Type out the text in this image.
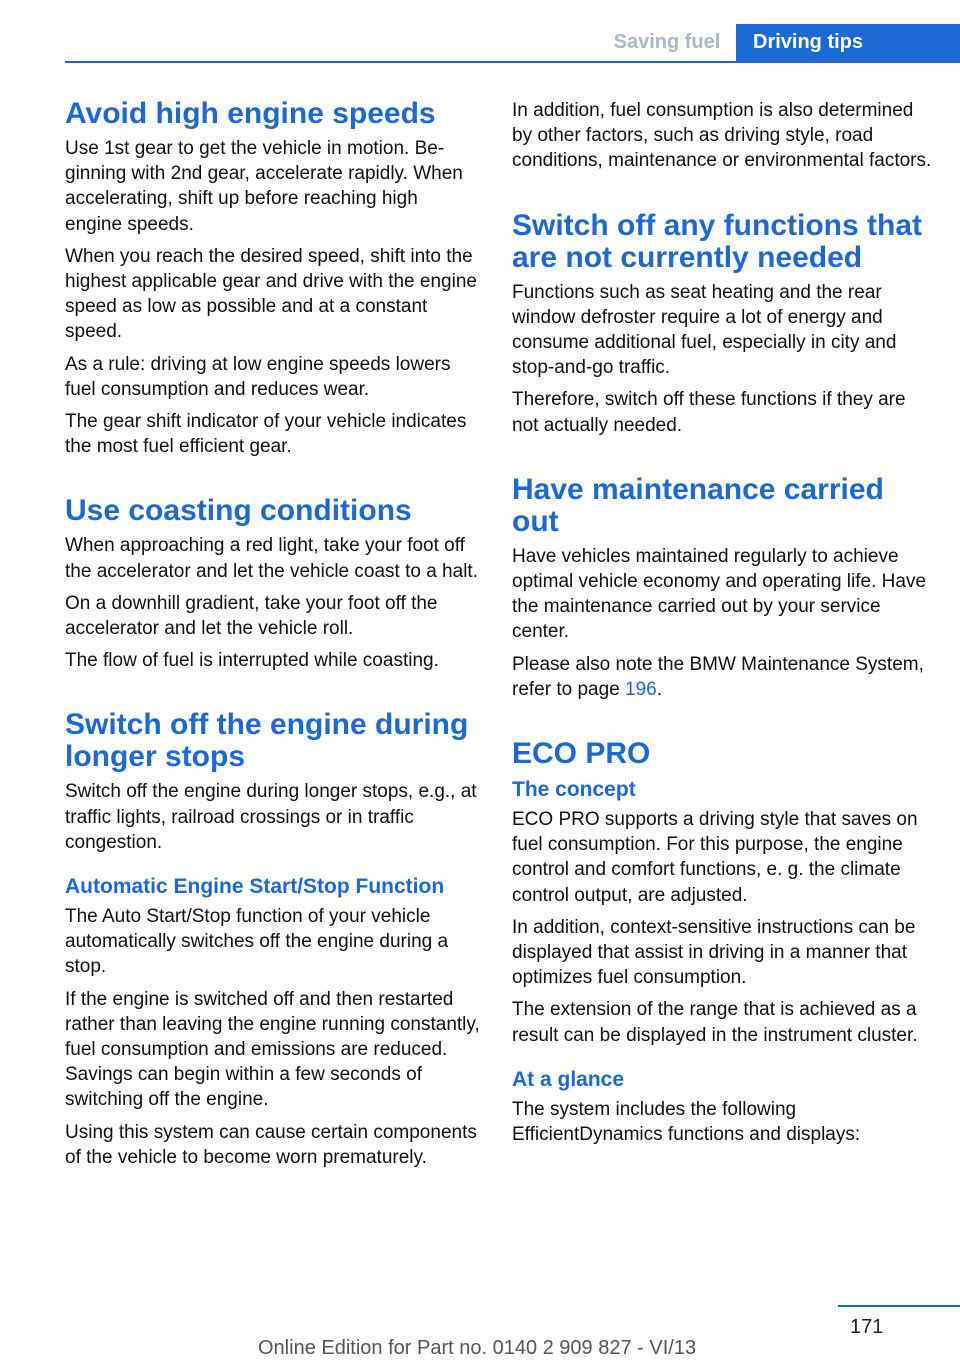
Saving fuel	Driving tips
Avoid high engine speeds

Use 1st gear to get the vehicle in motion. Beginning with 2nd gear, accelerate rapidly. When accelerating, shift up before reaching high engine speeds.

When you reach the desired speed, shift into the highest applicable gear and drive with the engine speed as low as possible and at a constant speed.

As a rule: driving at low engine speeds lowers fuel consumption and reduces wear.

The gear shift indicator of your vehicle indicates the most fuel efficient gear.

Use coasting conditions

When approaching a red light, take your foot off the accelerator and let the vehicle coast to a halt.

On a downhill gradient, take your foot off the accelerator and let the vehicle roll.

The flow of fuel is interrupted while coasting.

Switch off the engine during longer stops

Switch off the engine during longer stops, e.g., at traffic lights, railroad crossings or in traffic congestion.

Automatic Engine Start/Stop Function

The Auto Start/Stop function of your vehicle automatically switches off the engine during a stop.

If the engine is switched off and then restarted rather than leaving the engine running constantly, fuel consumption and emissions are reduced. Savings can begin within a few seconds of switching off the engine.

Using this system can cause certain components of the vehicle to become worn prematurely.

In addition, fuel consumption is also determined by other factors, such as driving style, road conditions, maintenance or environmental factors.

Switch off any functions that are not currently needed

Functions such as seat heating and the rear window defroster require a lot of energy and consume additional fuel, especially in city and stop-and-go traffic.

Therefore, switch off these functions if they are not actually needed.

Have maintenance carried out

Have vehicles maintained regularly to achieve optimal vehicle economy and operating life. Have the maintenance carried out by your service center.

Please also note the BMW Maintenance System, refer to page 196.

ECO PRO
The concept

ECO PRO supports a driving style that saves on fuel consumption. For this purpose, the engine control and comfort functions, e. g. the climate control output, are adjusted.

In addition, context-sensitive instructions can be displayed that assist in driving in a manner that optimizes fuel consumption.

The extension of the range that is achieved as a result can be displayed in the instrument cluster.

At a glance

The system includes the following EfficientDynamics functions and displays:

171
Online Edition for Part no. 0140 2 909 827 - VI/13
